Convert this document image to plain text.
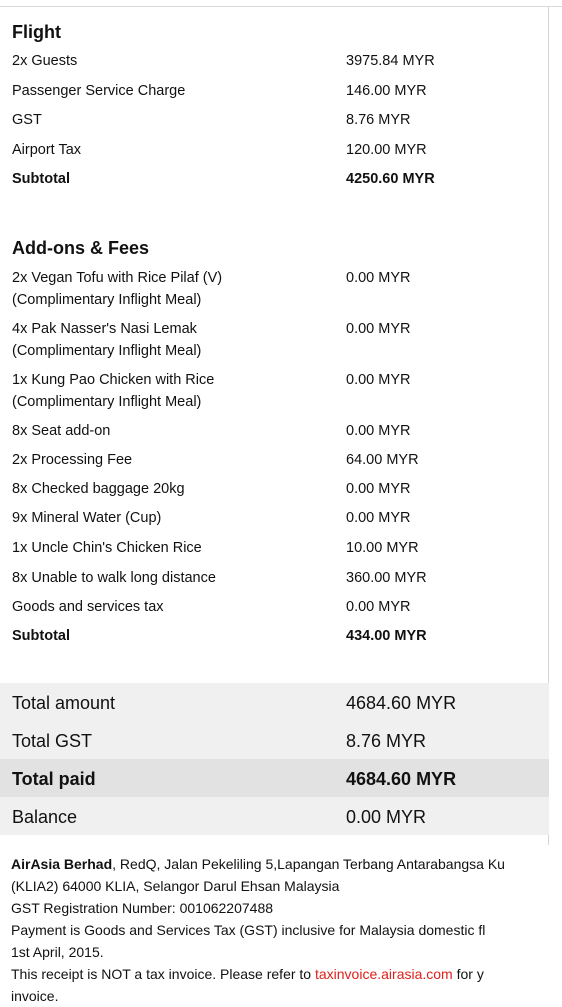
Flight
2x Guests	3975.84 MYR
Passenger Service Charge	146.00 MYR
GST	8.76 MYR
Airport Tax	120.00 MYR
Subtotal	4250.60 MYR
Add-ons & Fees
2x Vegan Tofu with Rice Pilaf (V)
(Complimentary Inflight Meal)
0.00 MYR
4x Pak Nasser's Nasi Lemak
(Complimentary Inflight Meal)
0.00 MYR
1x Kung Pao Chicken with Rice
(Complimentary Inflight Meal)
0.00 MYR
8x Seat add-on	0.00 MYR
2x Processing Fee	64.00 MYR
8x Checked baggage 20kg	0.00 MYR
9x Mineral Water (Cup)	0.00 MYR
1x Uncle Chin's Chicken Rice	10.00 MYR
8x Unable to walk long distance	360.00 MYR
Goods and services tax	0.00 MYR
Subtotal	434.00 MYR
Total amount	4684.60 MYR
Total GST	8.76 MYR
Total paid	4684.60 MYR
Balance	0.00 MYR

AirAsia Berhad, RedQ, Jalan Pekeliling 5,Lapangan Terbang Antarabangsa Ku

(KLIA2) 64000 KLIA, Selangor Darul Ehsan Malaysia

GST Registration Number: 001062207488

Payment is Goods and Services Tax (GST) inclusive for Malaysia domestic fl

1st April, 2015.

This receipt is NOT a tax invoice. Please refer to taxinvoice.airasia.com for y

invoice.
